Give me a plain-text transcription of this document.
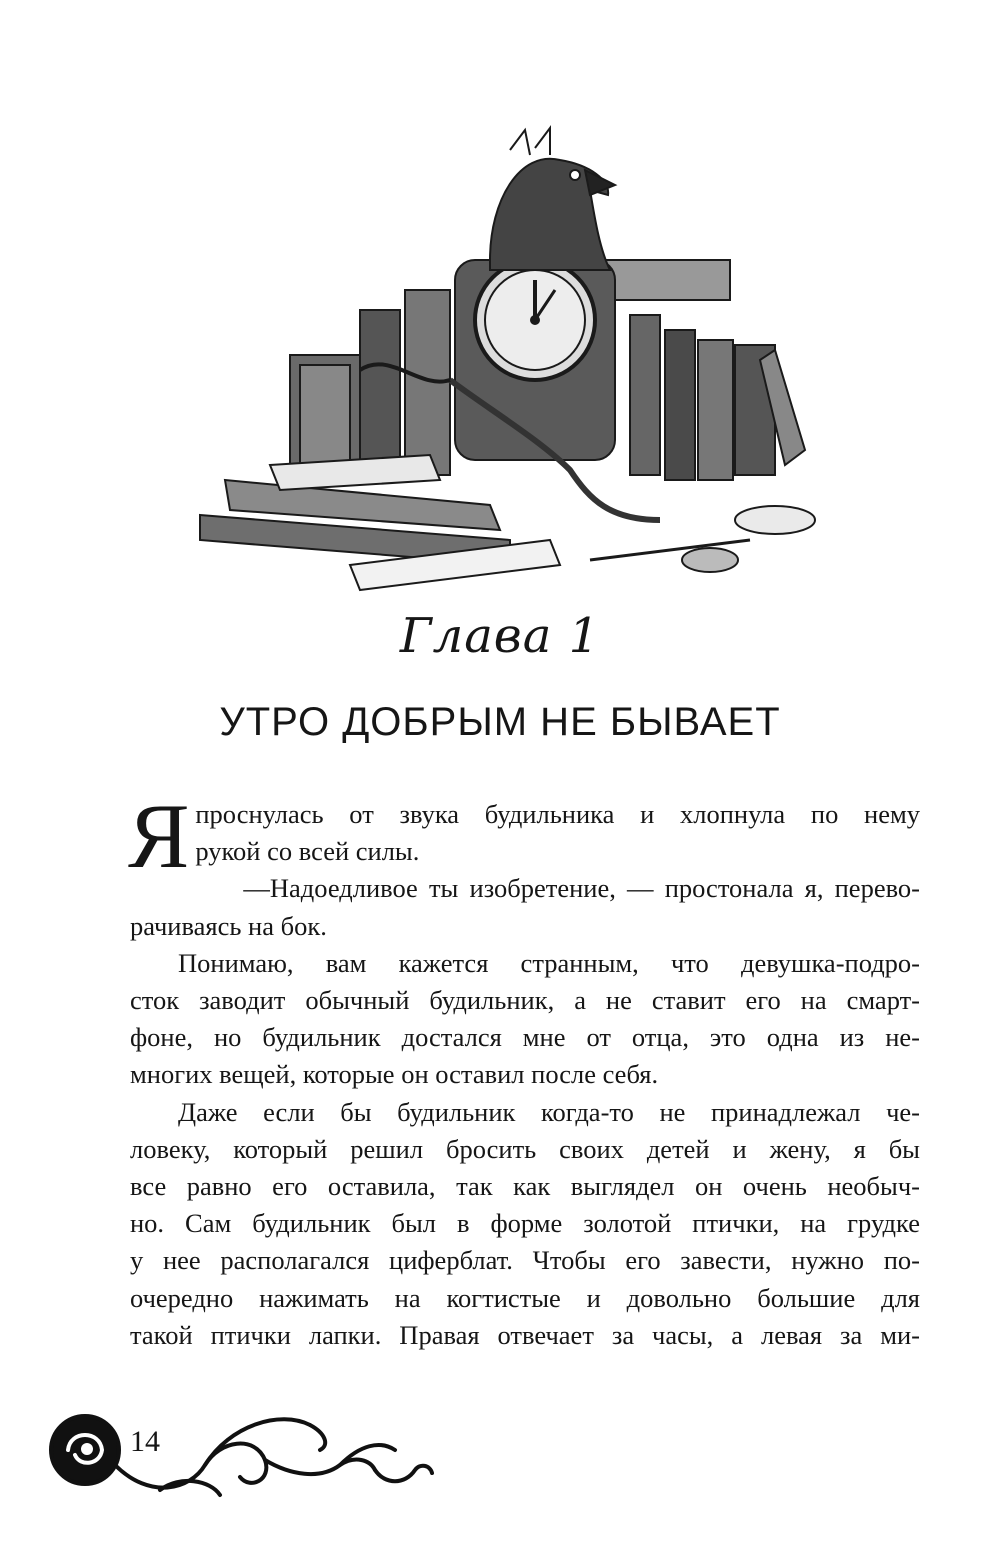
Глава 1
УТРО ДОБРЫМ НЕ БЫВАЕТ

Я проснулась от звука будильника и хлопнула по нему

рукой со всей силы.

—Надоедливое ты изобретение, — простонала я, перево-

рачиваясь на бок.

Понимаю, вам кажется странным, что девушка-подро-

сток заводит обычный будильник, а не ставит его на смарт-

фоне, но будильник достался мне от отца, это одна из не-

многих вещей, которые он оставил после себя.

Даже если бы будильник когда-то не принадлежал че-

ловеку, который решил бросить своих детей и жену, я бы

все равно его оставила, так как выглядел он очень необыч-

но. Сам будильник был в форме золотой птички, на грудке

у нее располагался циферблат. Чтобы его завести, нужно по-

очередно нажимать на когтистые и довольно большие для

такой птички лапки. Правая отвечает за часы, а левая за ми-

14
